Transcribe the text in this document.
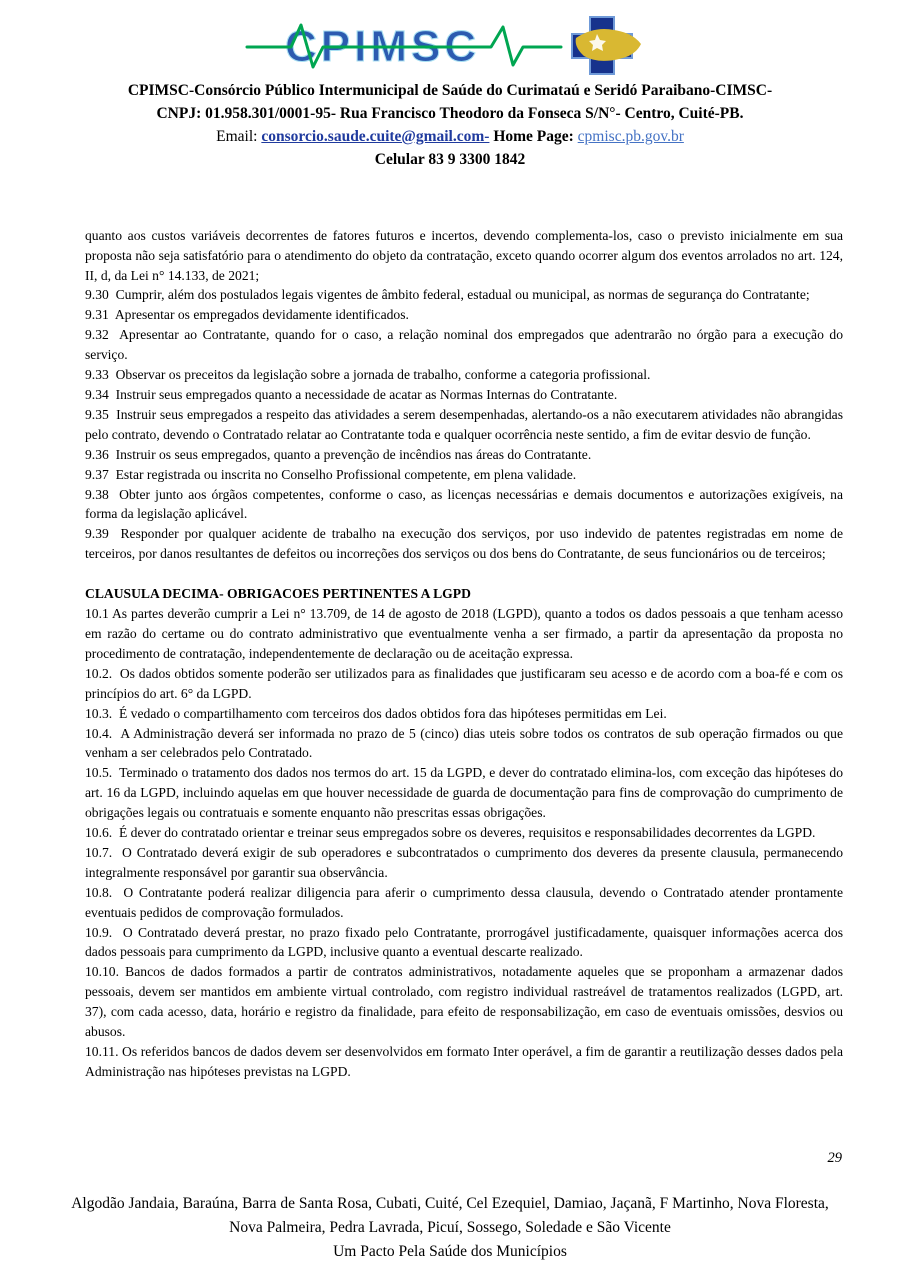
CPIMSC
CPIMSC-Consórcio Público Intermunicipal de Saúde do Curimataú e Seridó Paraibano-CIMSC-
CNPJ: 01.958.301/0001-95- Rua Francisco Theodoro da Fonseca S/N°- Centro, Cuité-PB.
Email: consorcio.saude.cuite@gmail.com- Home Page: cpmisc.pb.gov.br
Celular 83 9 3300 1842

quanto aos custos variáveis decorrentes de fatores futuros e incertos, devendo complementa-los, caso o previsto inicialmente em sua proposta não seja satisfatório para o atendimento do objeto da contratação, exceto quando ocorrer algum dos eventos arrolados no art. 124, II, d, da Lei n° 14.133, de 2021;

9.30  Cumprir, além dos postulados legais vigentes de âmbito federal, estadual ou municipal, as normas de segurança do Contratante;

9.31  Apresentar os empregados devidamente identificados.

9.32  Apresentar ao Contratante, quando for o caso, a relação nominal dos empregados que adentrarão no órgão para a execução do serviço.

9.33  Observar os preceitos da legislação sobre a jornada de trabalho, conforme a categoria profissional.

9.34  Instruir seus empregados quanto a necessidade de acatar as Normas Internas do Contratante.

9.35  Instruir seus empregados a respeito das atividades a serem desempenhadas, alertando-os a não executarem atividades não abrangidas pelo contrato, devendo o Contratado relatar ao Contratante toda e qualquer ocorrência neste sentido, a fim de evitar desvio de função.

9.36  Instruir os seus empregados, quanto a prevenção de incêndios nas áreas do Contratante.

9.37  Estar registrada ou inscrita no Conselho Profissional competente, em plena validade.

9.38  Obter junto aos órgãos competentes, conforme o caso, as licenças necessárias e demais documentos e autorizações exigíveis, na forma da legislação aplicável.

9.39  Responder por qualquer acidente de trabalho na execução dos serviços, por uso indevido de patentes registradas em nome de terceiros, por danos resultantes de defeitos ou incorreções dos serviços ou dos bens do Contratante, de seus funcionários ou de terceiros;

CLAUSULA DECIMA- OBRIGACOES PERTINENTES A LGPD

10.1 As partes deverão cumprir a Lei n° 13.709, de 14 de agosto de 2018 (LGPD), quanto a todos os dados pessoais a que tenham acesso em razão do certame ou do contrato administrativo que eventualmente venha a ser firmado, a partir da apresentação da proposta no procedimento de contratação, independentemente de declaração ou de aceitação expressa.

10.2.  Os dados obtidos somente poderão ser utilizados para as finalidades que justificaram seu acesso e de acordo com a boa-fé e com os princípios do art. 6° da LGPD.

10.3.  É vedado o compartilhamento com terceiros dos dados obtidos fora das hipóteses permitidas em Lei.

10.4.  A Administração deverá ser informada no prazo de 5 (cinco) dias uteis sobre todos os contratos de sub operação firmados ou que venham a ser celebrados pelo Contratado.

10.5.  Terminado o tratamento dos dados nos termos do art. 15 da LGPD, e dever do contratado elimina-los, com exceção das hipóteses do art. 16 da LGPD, incluindo aquelas em que houver necessidade de guarda de documentação para fins de comprovação do cumprimento de obrigações legais ou contratuais e somente enquanto não prescritas essas obrigações.

10.6.  É dever do contratado orientar e treinar seus empregados sobre os deveres, requisitos e responsabilidades decorrentes da LGPD.

10.7.  O Contratado deverá exigir de sub operadores e subcontratados o cumprimento dos deveres da presente clausula, permanecendo integralmente responsável por garantir sua observância.

10.8.  O Contratante poderá realizar diligencia para aferir o cumprimento dessa clausula, devendo o Contratado atender prontamente eventuais pedidos de comprovação formulados.

10.9.  O Contratado deverá prestar, no prazo fixado pelo Contratante, prorrogável justificadamente, quaisquer informações acerca dos dados pessoais para cumprimento da LGPD, inclusive quanto a eventual descarte realizado.

10.10. Bancos de dados formados a partir de contratos administrativos, notadamente aqueles que se proponham a armazenar dados pessoais, devem ser mantidos em ambiente virtual controlado, com registro individual rastreável de tratamentos realizados (LGPD, art. 37), com cada acesso, data, horário e registro da finalidade, para efeito de responsabilização, em caso de eventuais omissões, desvios ou abusos.

10.11. Os referidos bancos de dados devem ser desenvolvidos em formato Inter operável, a fim de garantir a reutilização desses dados pela Administração nas hipóteses previstas na LGPD.

29
Algodão Jandaia, Baraúna, Barra de Santa Rosa, Cubati, Cuité, Cel Ezequiel, Damiao, Jaçanã, F Martinho, Nova Floresta, Nova Palmeira, Pedra Lavrada, Picuí, Sossego, Soledade e São Vicente
Um Pacto Pela Saúde dos Municípios
